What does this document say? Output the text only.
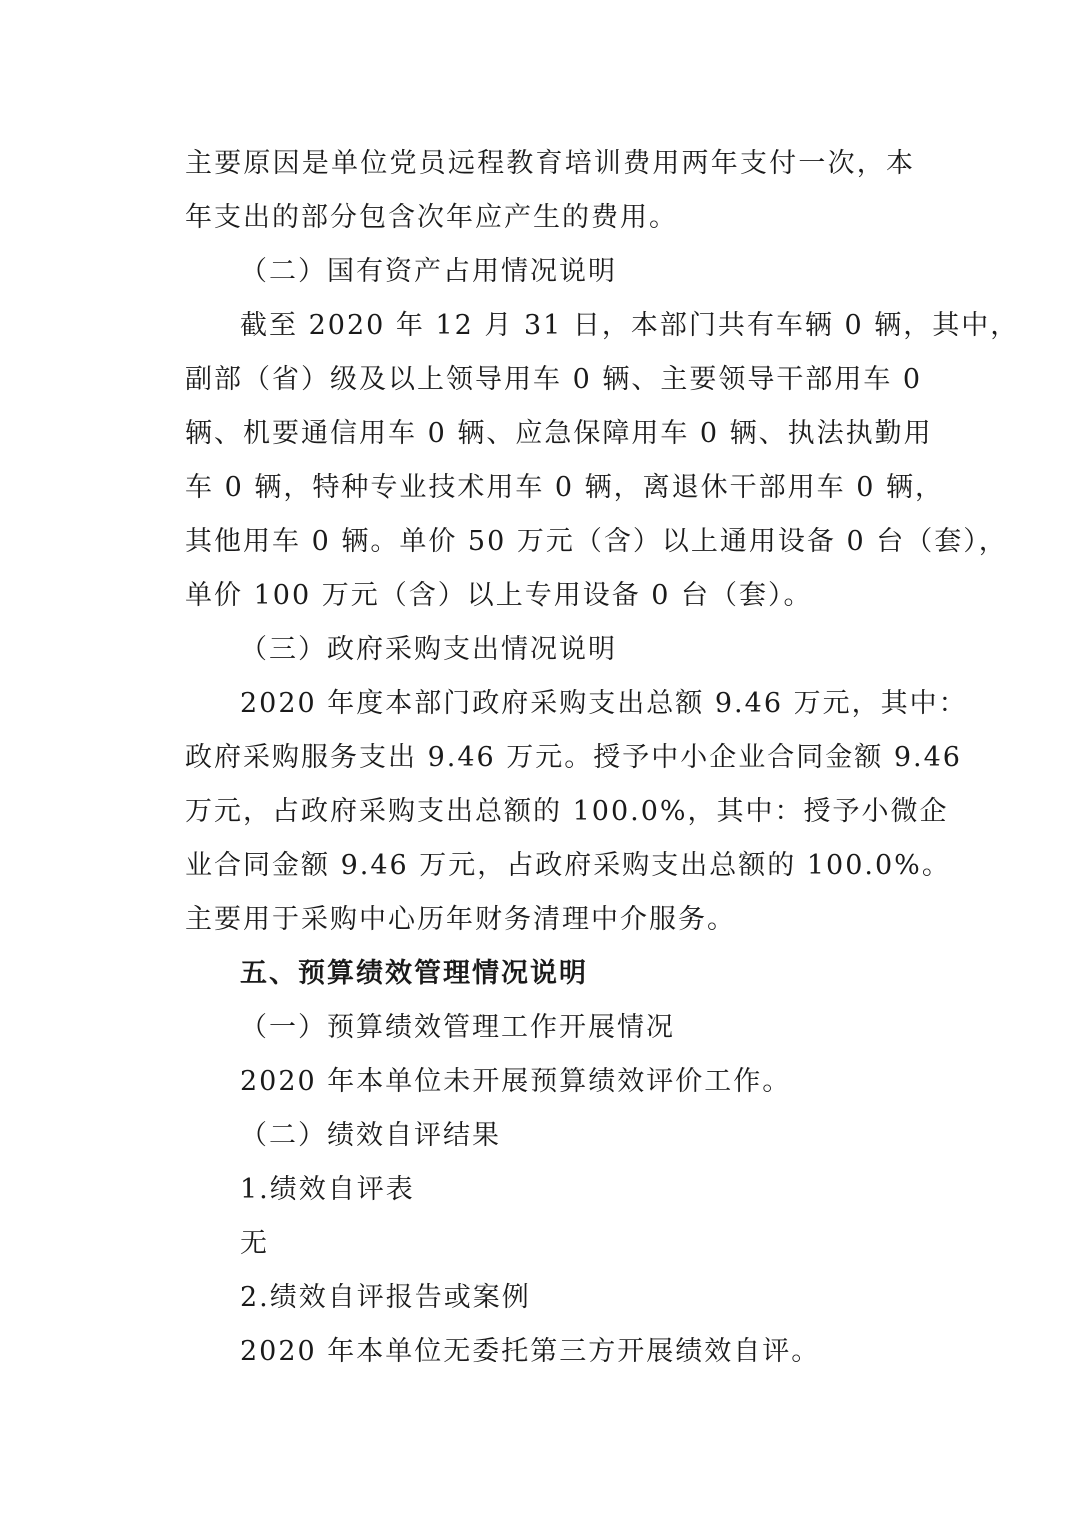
主要原因是单位党员远程教育培训费用两年支付一次，本
年支出的部分包含次年应产生的费用。
（二）国有资产占用情况说明
截至 2020 年 12 月 31 日，本部门共有车辆 0 辆，其中，
副部（省）级及以上领导用车 0 辆、主要领导干部用车 0
辆、机要通信用车 0 辆、应急保障用车 0 辆、执法执勤用
车 0 辆，特种专业技术用车 0 辆，离退休干部用车 0 辆，
其他用车 0 辆。单价 50 万元（含）以上通用设备 0 台（套），
单价 100 万元（含）以上专用设备 0 台（套）。
（三）政府采购支出情况说明
2020 年度本部门政府采购支出总额 9.46 万元，其中：
政府采购服务支出 9.46 万元。授予中小企业合同金额 9.46
万元，占政府采购支出总额的 100.0%，其中：授予小微企
业合同金额 9.46 万元，占政府采购支出总额的 100.0%。
主要用于采购中心历年财务清理中介服务。
五、预算绩效管理情况说明
（一）预算绩效管理工作开展情况
2020 年本单位未开展预算绩效评价工作。
（二）绩效自评结果
1.绩效自评表
无
2.绩效自评报告或案例
2020 年本单位无委托第三方开展绩效自评。
